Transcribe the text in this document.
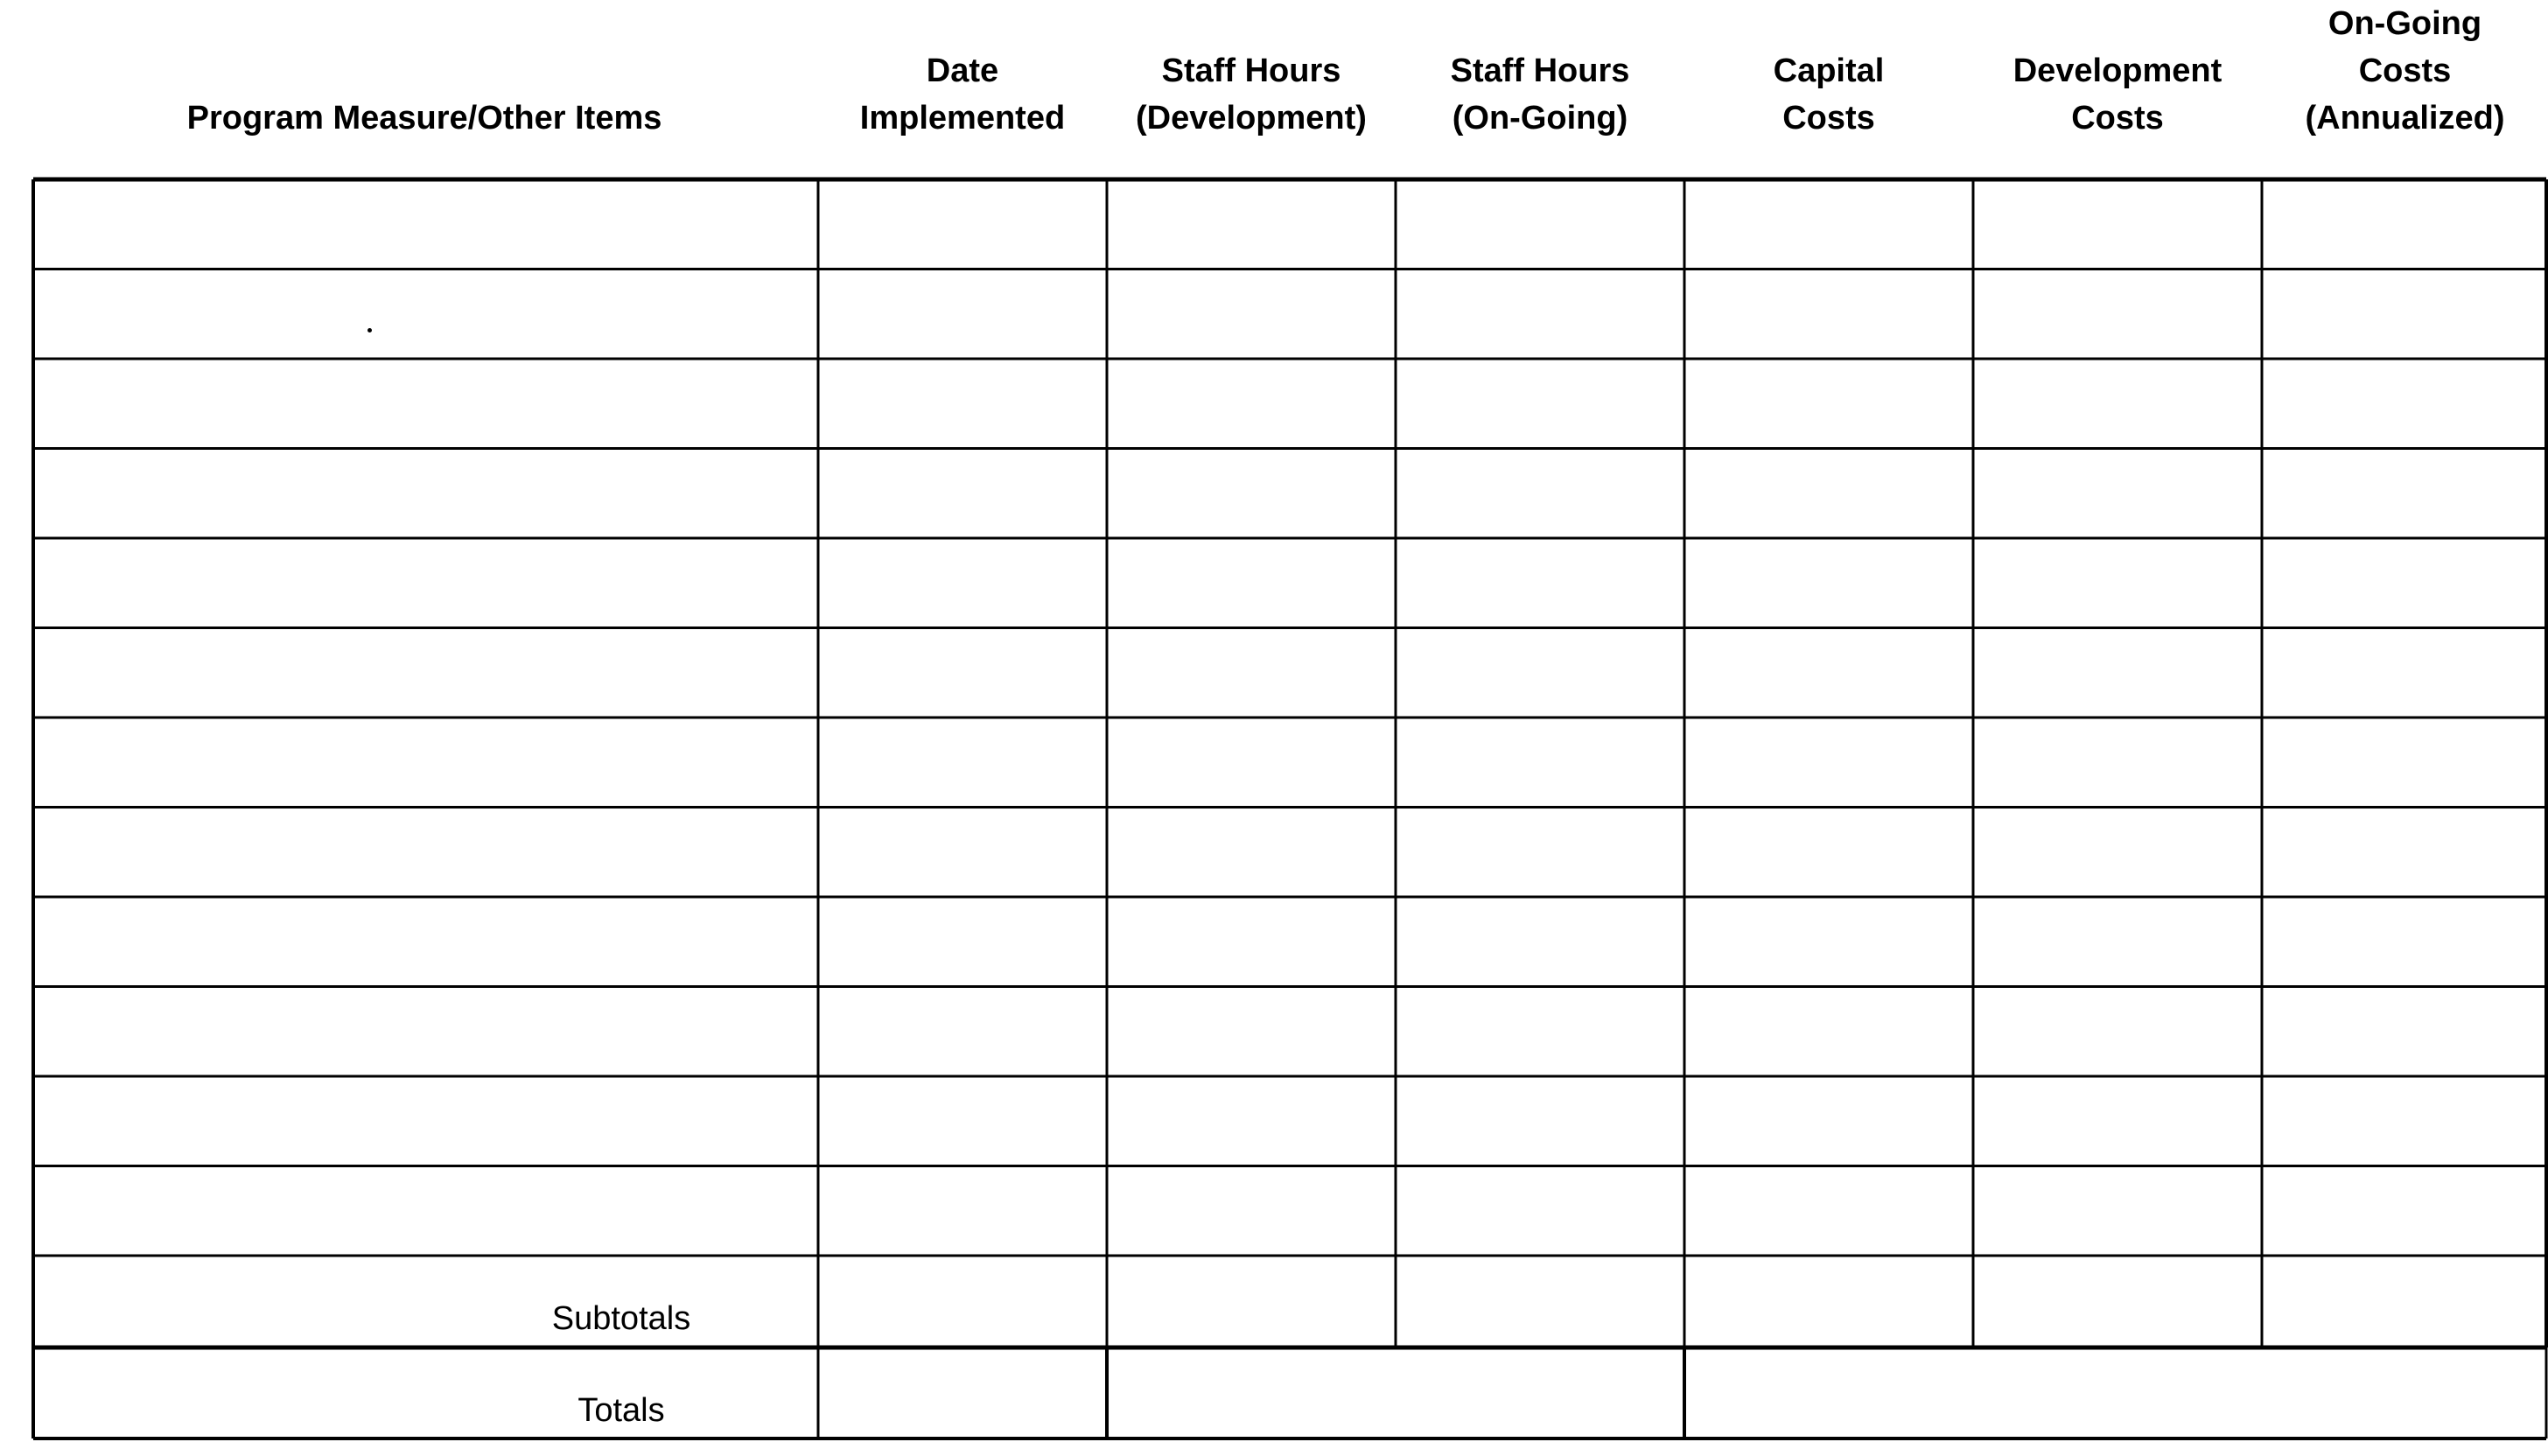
Program Measure/Other Items
Date
Implemented
Staff Hours
(Development)
Staff Hours
(On-Going)
Capital
Costs
Development
Costs
On-Going
Costs
(Annualized)
Subtotals
Totals
